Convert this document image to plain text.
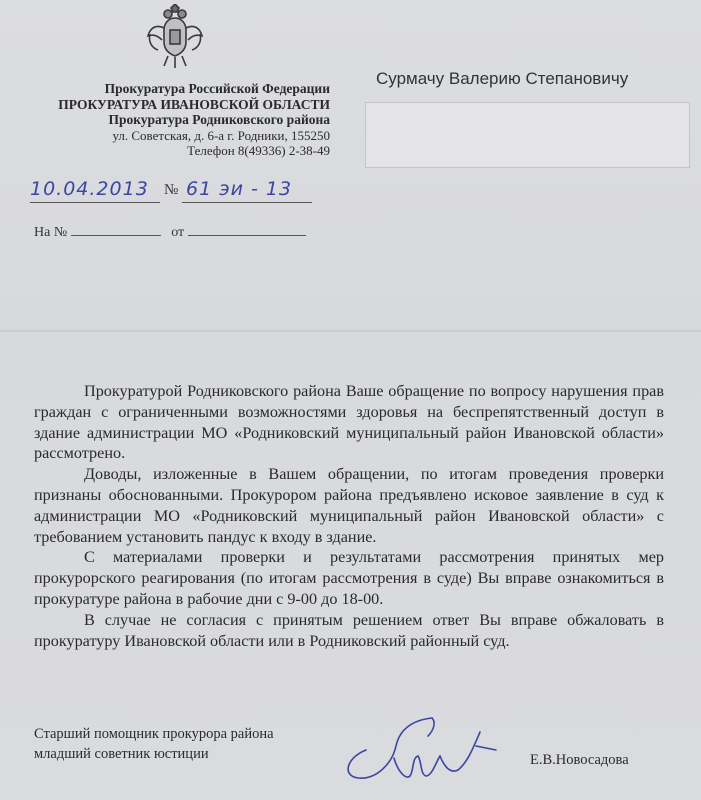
Прокуратура Российской Федерации
ПРОКУРАТУРА ИВАНОВСКОЙ ОБЛАСТИ
Прокуратура Родниковского района
ул. Советская, д. 6-а г. Родники, 155250
Телефон 8(49336) 2-38-49
Сурмачу Валерию Степановичу
10.04.2013 № 61 эи - 13
На №	от

Прокуратурой Родниковского района Ваше обращение по вопросу нарушения прав граждан с ограниченными возможностями здоровья на беспрепятственный доступ в здание администрации МО «Родниковский муниципальный район Ивановской области» рассмотрено.

Доводы, изложенные в Вашем обращении, по итогам проведения проверки признаны обоснованными. Прокурором района предъявлено исковое заявление в суд к администрации МО «Родниковский муниципальный район Ивановской области» с требованием установить пандус к входу в здание.

С материалами проверки и результатами рассмотрения принятых мер прокурорского реагирования (по итогам рассмотрения в суде) Вы вправе ознакомиться в прокуратуре района в рабочие дни с 9-00 до 18-00.

В случае не согласия с принятым решением ответ Вы вправе обжаловать в прокуратуру Ивановской области или в Родниковский районный суд.

Старший помощник прокурора района
младший советник юстиции	Е.В.Новосадова
